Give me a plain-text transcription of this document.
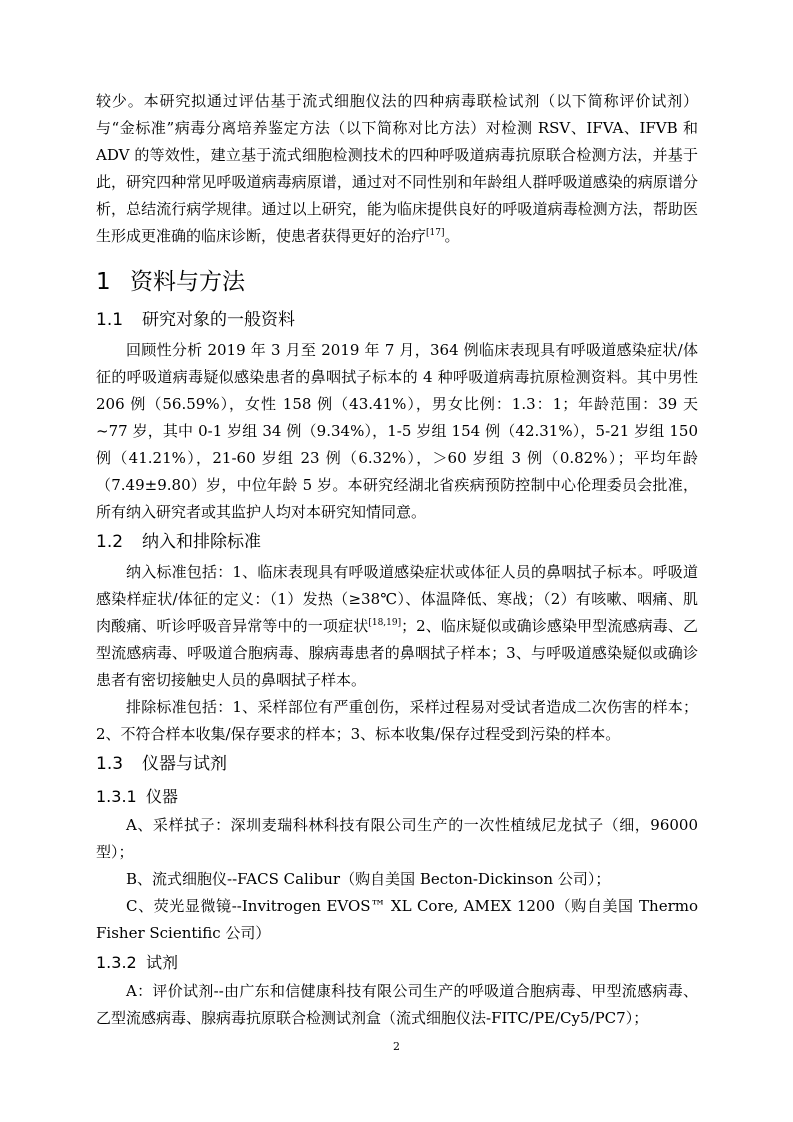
较少。本研究拟通过评估基于流式细胞仪法的四种病毒联检试剂（以下简称评价试剂）与“金标准”病毒分离培养鉴定方法（以下简称对比方法）对检测 RSV、IFVA、IFVB 和 ADV 的等效性，建立基于流式细胞检测技术的四种呼吸道病毒抗原联合检测方法，并基于此，研究四种常见呼吸道病毒病原谱，通过对不同性别和年龄组人群呼吸道感染的病原谱分析，总结流行病学规律。通过以上研究，能为临床提供良好的呼吸道病毒检测方法，帮助医生形成更准确的临床诊断，使患者获得更好的治疗[17]。

1 资料与方法
1.1 研究对象的一般资料

回顾性分析 2019 年 3 月至 2019 年 7 月，364 例临床表现具有呼吸道感染症状/体征的呼吸道病毒疑似感染患者的鼻咽拭子标本的 4 种呼吸道病毒抗原检测资料。其中男性 206 例（56.59%），女性 158 例（43.41%），男女比例：1.3：1；年龄范围：39 天~77 岁，其中 0-1 岁组 34 例（9.34%），1-5 岁组 154 例（42.31%），5-21 岁组 150 例（41.21%），21-60 岁组 23 例（6.32%），＞60 岁组 3 例（0.82%）；平均年龄（7.49±9.80）岁，中位年龄 5 岁。本研究经湖北省疾病预防控制中心伦理委员会批准，所有纳入研究者或其监护人均对本研究知情同意。

1.2 纳入和排除标准

纳入标准包括：1、临床表现具有呼吸道感染症状或体征人员的鼻咽拭子标本。呼吸道感染样症状/体征的定义：（1）发热（≥38℃）、体温降低、寒战；（2）有咳嗽、咽痛、肌肉酸痛、听诊呼吸音异常等中的一项症状[18,19]；2、临床疑似或确诊感染甲型流感病毒、乙型流感病毒、呼吸道合胞病毒、腺病毒患者的鼻咽拭子样本；3、与呼吸道感染疑似或确诊患者有密切接触史人员的鼻咽拭子样本。

排除标准包括：1、采样部位有严重创伤，采样过程易对受试者造成二次伤害的样本；2、不符合样本收集/保存要求的样本；3、标本收集/保存过程受到污染的样本。

1.3 仪器与试剂
1.3.1 仪器

A、采样拭子：深圳麦瑞科林科技有限公司生产的一次性植绒尼龙拭子（细，96000 型）；

B、流式细胞仪--FACS Calibur（购自美国 Becton-Dickinson 公司）；

C、荧光显微镜--Invitrogen EVOS™ XL Core, AMEX 1200（购自美国 Thermo Fisher Scientific 公司）

1.3.2 试剂

A：评价试剂--由广东和信健康科技有限公司生产的呼吸道合胞病毒、甲型流感病毒、乙型流感病毒、腺病毒抗原联合检测试剂盒（流式细胞仪法-FITC/PE/Cy5/PC7）；

2
